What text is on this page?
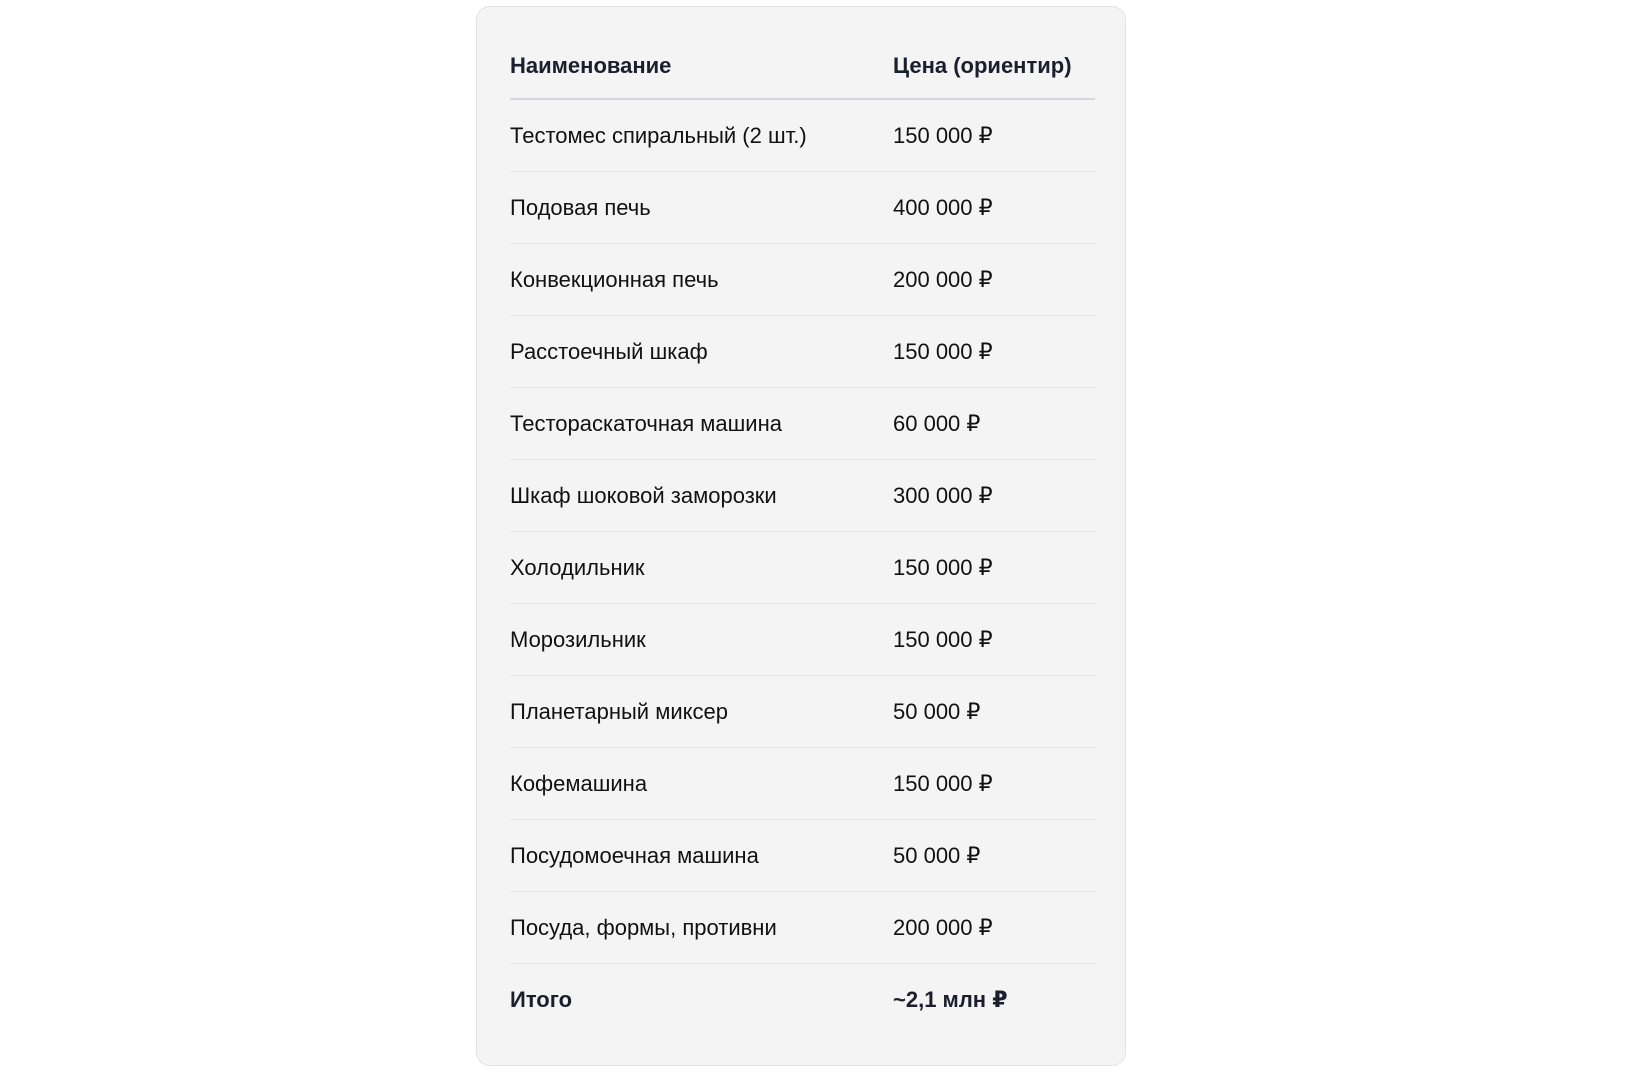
Наименование	Цена (ориентир)
Тестомес спиральный (2 шт.)	150 000 ₽
Подовая печь	400 000 ₽
Конвекционная печь	200 000 ₽
Расстоечный шкаф	150 000 ₽
Тестораскаточная машина	60 000 ₽
Шкаф шоковой заморозки	300 000 ₽
Холодильник	150 000 ₽
Морозильник	150 000 ₽
Планетарный миксер	50 000 ₽
Кофемашина	150 000 ₽
Посудомоечная машина	50 000 ₽
Посуда, формы, противни	200 000 ₽
Итого	~2,1 млн ₽
